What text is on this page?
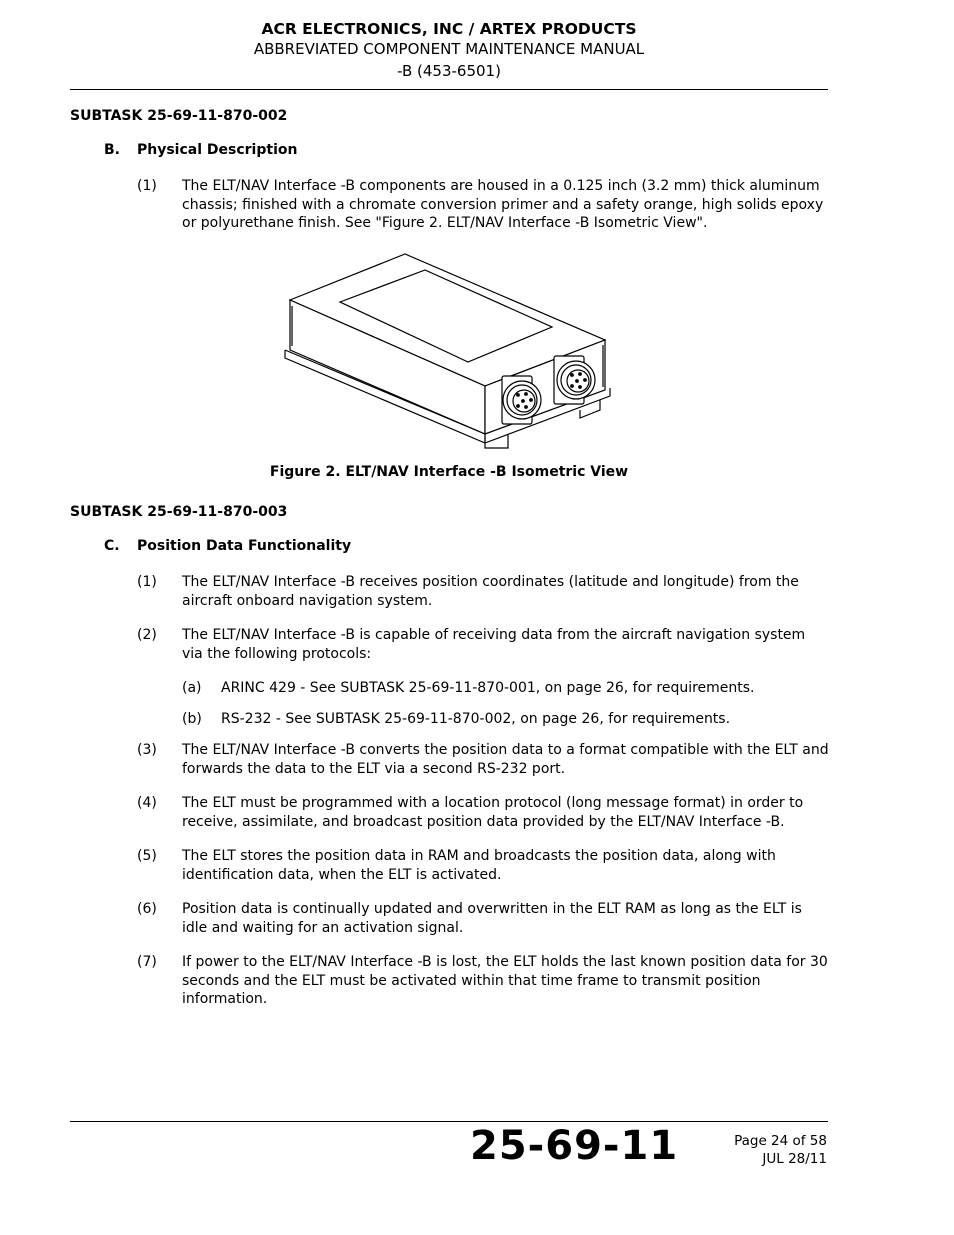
ACR ELECTRONICS, INC / ARTEX PRODUCTS
ABBREVIATED COMPONENT MAINTENANCE MANUAL
-B (453-6501)
SUBTASK 25-69-11-870-002
B. Physical Description
(1) The ELT/NAV Interface -B components are housed in a 0.125 inch (3.2 mm) thick aluminum chassis; finished with a chromate conversion primer and a safety orange, high solids epoxy or polyurethane finish. See "Figure 2. ELT/NAV Interface -B Isometric View".
Figure 2. ELT/NAV Interface -B Isometric View
SUBTASK 25-69-11-870-003
C. Position Data Functionality
(1) The ELT/NAV Interface -B receives position coordinates (latitude and longitude) from the aircraft onboard navigation system.
(2) The ELT/NAV Interface -B is capable of receiving data from the aircraft navigation system via the following protocols:
(a) ARINC 429 - See SUBTASK 25-69-11-870-001, on page 26, for requirements.
(b) RS-232 - See SUBTASK 25-69-11-870-002, on page 26, for requirements.
(3) The ELT/NAV Interface -B converts the position data to a format compatible with the ELT and forwards the data to the ELT via a second RS-232 port.
(4) The ELT must be programmed with a location protocol (long message format) in order to receive, assimilate, and broadcast position data provided by the ELT/NAV Interface -B.
(5) The ELT stores the position data in RAM and broadcasts the position data, along with identification data, when the ELT is activated.
(6) Position data is continually updated and overwritten in the ELT RAM as long as the ELT is idle and waiting for an activation signal.
(7) If power to the ELT/NAV Interface -B is lost, the ELT holds the last known position data for 30 seconds and the ELT must be activated within that time frame to transmit position information.
25-69-11	Page 24 of 58
JUL 28/11
